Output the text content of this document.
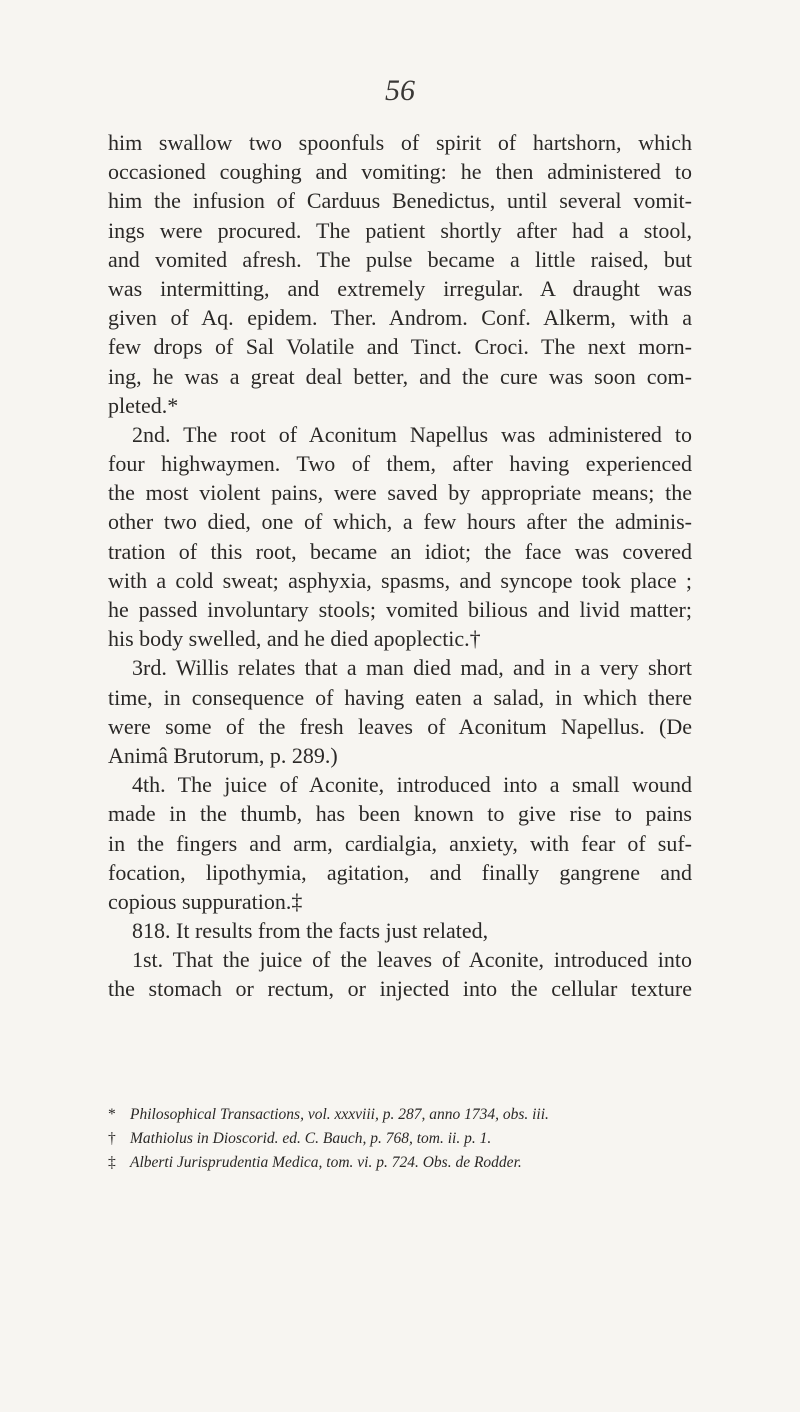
56
him swallow two spoonfuls of spirit of hartshorn, which
occasioned coughing and vomiting: he then administered to
him the infusion of Carduus Benedictus, until several vomit-
ings were procured. The patient shortly after had a stool,
and vomited afresh. The pulse became a little raised, but
was intermitting, and extremely irregular. A draught was
given of Aq. epidem. Ther. Androm. Conf. Alkerm, with a
few drops of Sal Volatile and Tinct. Croci. The next morn-
ing, he was a great deal better, and the cure was soon com-
pleted.*
2nd. The root of Aconitum Napellus was administered to
four highwaymen. Two of them, after having experienced
the most violent pains, were saved by appropriate means; the
other two died, one of which, a few hours after the adminis-
tration of this root, became an idiot; the face was covered
with a cold sweat; asphyxia, spasms, and syncope took place ;
he passed involuntary stools; vomited bilious and livid matter;
his body swelled, and he died apoplectic.†
3rd. Willis relates that a man died mad, and in a very short
time, in consequence of having eaten a salad, in which there
were some of the fresh leaves of Aconitum Napellus. (De
Animâ Brutorum, p. 289.)
4th. The juice of Aconite, introduced into a small wound
made in the thumb, has been known to give rise to pains
in the fingers and arm, cardialgia, anxiety, with fear of suf-
focation, lipothymia, agitation, and finally gangrene and
copious suppuration.‡
818. It results from the facts just related,
1st. That the juice of the leaves of Aconite, introduced into
the stomach or rectum, or injected into the cellular texture
* Philosophical Transactions, vol. xxxviii, p. 287, anno 1734, obs. iii.
† Mathiolus in Dioscorid. ed. C. Bauch, p. 768, tom. ii. p. 1.
‡ Alberti Jurisprudentia Medica, tom. vi. p. 724. Obs. de Rodder.
